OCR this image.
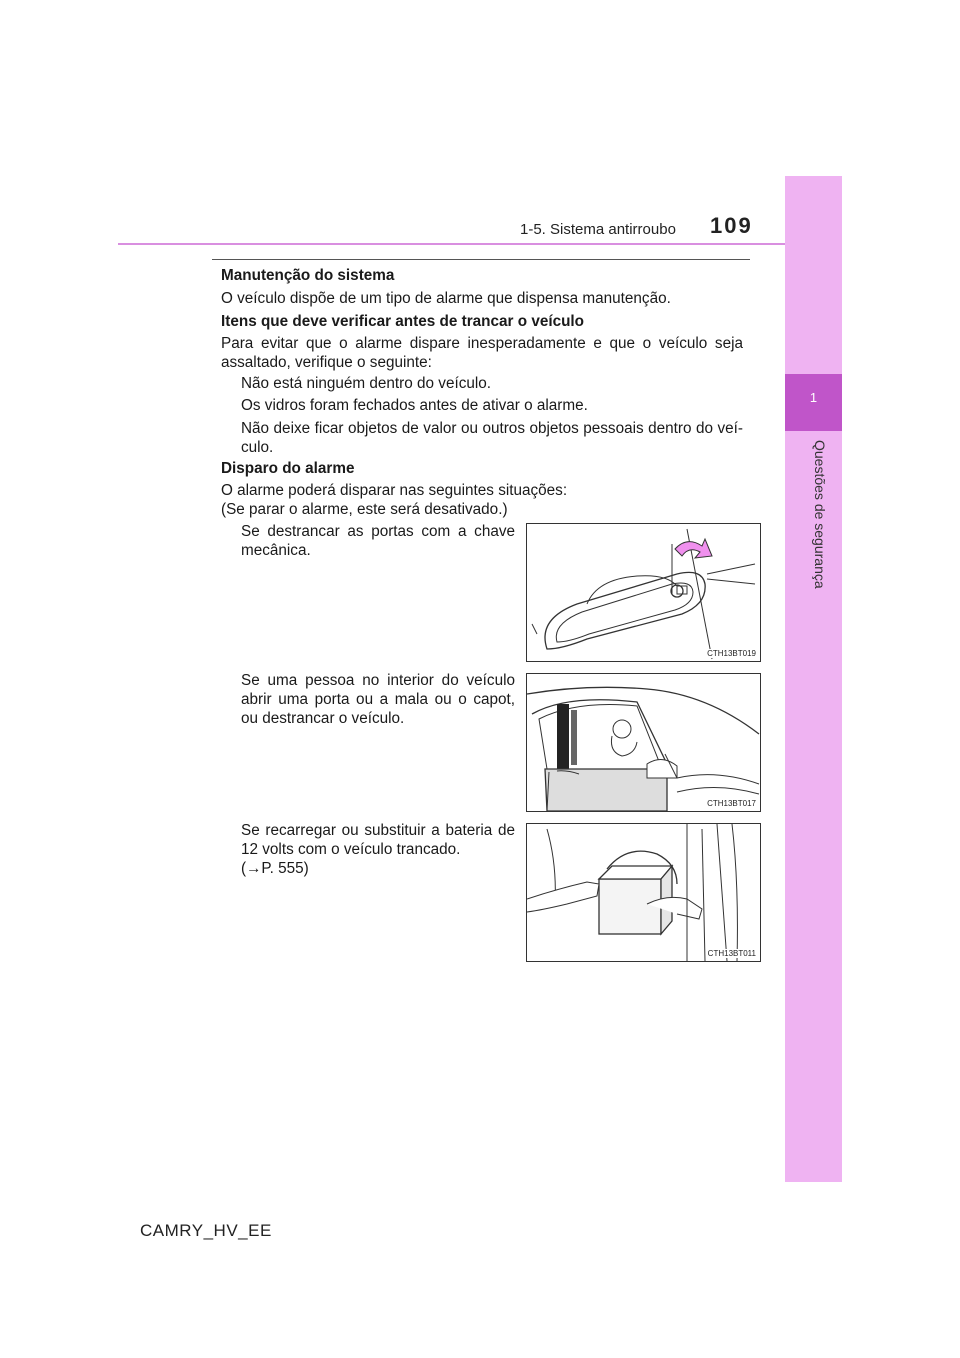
1-5. Sistema antirroubo 109
1
Questões de segurança
Manutenção do sistema
O veículo dispõe de um tipo de alarme que dispensa manutenção.
Itens que deve verificar antes de trancar o veículo
Para evitar que o alarme dispare inesperadamente e que o veículo seja assaltado, verifique o seguinte:
Não está ninguém dentro do veículo.
Os vidros foram fechados antes de ativar o alarme.
Não deixe ficar objetos de valor ou outros objetos pessoais dentro do veí-culo.
Disparo do alarme
O alarme poderá disparar nas seguintes situações:
(Se parar o alarme, este será desativado.)
Se destrancar as portas com a chave mecânica.
CTH13BT019
Se uma pessoa no interior do veículo abrir uma porta ou a mala ou o capot, ou destrancar o veículo.
CTH13BT017
Se recarregar ou substituir a bateria de 12 volts com o veículo trancado.
(→P. 555)
CTH13BT011
CAMRY_HV_EE
